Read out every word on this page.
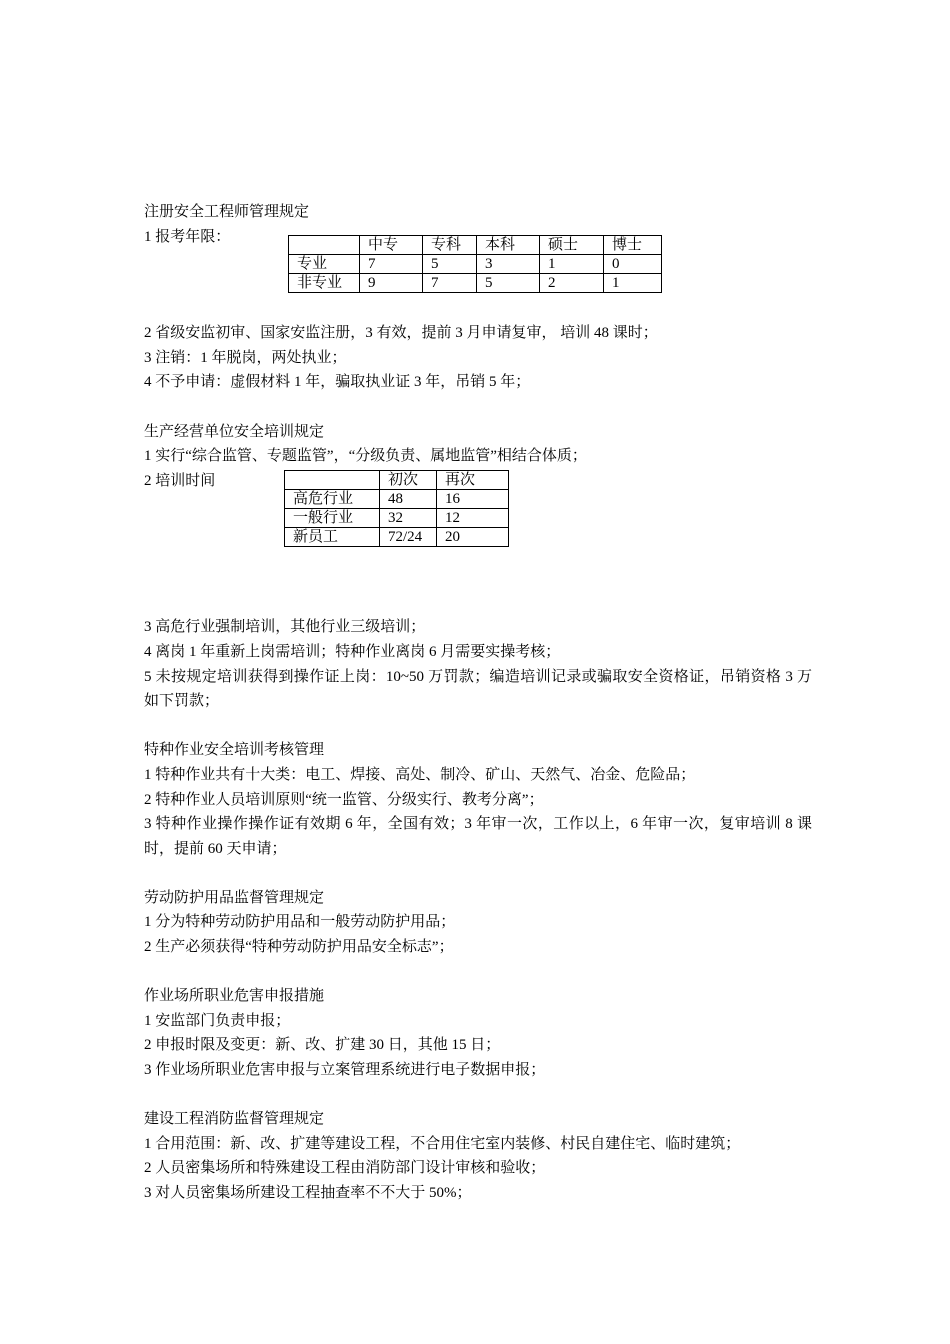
注册安全工程师管理规定

1 报考年限：
		中专	专科	本科	硕士	博士
专业	7	5	3	1	0
非专业	9	7	5	2	1

2 省级安监初审、国家安监注册，3 有效，提前 3 月申请复审， 培训 48 课时；

3 注销：1 年脱岗，两处执业；

4 不予申请：虚假材料 1 年，骗取执业证 3 年，吊销 5 年；

生产经营单位安全培训规定

1 实行“综合监管、专题监管”，“分级负责、属地监管”相结合体质；

2 培训时间
		初次	再次
高危行业	48	16
一般行业	32	12
新员工	72/24	20

3 高危行业强制培训，其他行业三级培训；

4 离岗 1 年重新上岗需培训；特种作业离岗 6 月需要实操考核；

5 未按规定培训获得到操作证上岗：10~50 万罚款；编造培训记录或骗取安全资格证，吊销资格 3 万如下罚款；

特种作业安全培训考核管理

1 特种作业共有十大类：电工、焊接、高处、制冷、矿山、天然气、冶金、危险品；

2 特种作业人员培训原则“统一监管、分级实行、教考分离”；

3 特种作业操作操作证有效期 6 年，全国有效；3 年审一次，工作以上，6 年审一次，复审培训 8 课时，提前 60 天申请；

劳动防护用品监督管理规定

1 分为特种劳动防护用品和一般劳动防护用品；

2 生产必须获得“特种劳动防护用品安全标志”；

作业场所职业危害申报措施

1 安监部门负责申报；

2 申报时限及变更：新、改、扩建 30 日，其他 15 日；

3 作业场所职业危害申报与立案管理系统进行电子数据申报；

建设工程消防监督管理规定

1 合用范围：新、改、扩建等建设工程，不合用住宅室内装修、村民自建住宅、临时建筑；

2 人员密集场所和特殊建设工程由消防部门设计审核和验收；

3 对人员密集场所建设工程抽查率不不大于 50%；
